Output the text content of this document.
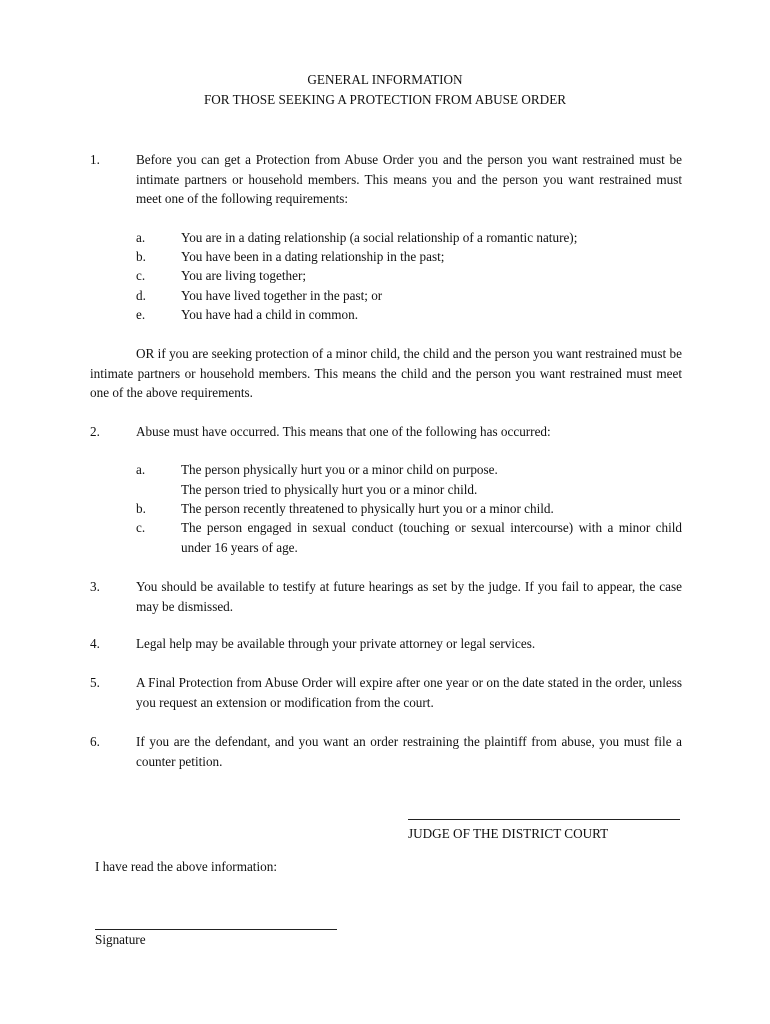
GENERAL INFORMATION
FOR THOSE SEEKING A PROTECTION FROM ABUSE ORDER
1.	Before you can get a Protection from Abuse Order you and the person you want restrained must be intimate partners or household members. This means you and the person you want restrained must meet one of the following requirements:
a.	You are in a dating relationship (a social relationship of a romantic nature);
b.	You have been in a dating relationship in the past;
c.	You are living together;
d.	You have lived together in the past; or
e.	You have had a child in common.
OR if you are seeking protection of a minor child, the child and the person you want restrained must be intimate partners or household members. This means the child and the person you want restrained must meet one of the above requirements.
2.	Abuse must have occurred. This means that one of the following has occurred:
a.	The person physically hurt you or a minor child on purpose.
The person tried to physically hurt you or a minor child.
b.	The person recently threatened to physically hurt you or a minor child.
c.	The person engaged in sexual conduct (touching or sexual intercourse) with a minor child under 16 years of age.
3.	You should be available to testify at future hearings as set by the judge. If you fail to appear, the case may be dismissed.
4.	Legal help may be available through your private attorney or legal services.
5.	A Final Protection from Abuse Order will expire after one year or on the date stated in the order, unless you request an extension or modification from the court.
6.	If you are the defendant, and you want an order restraining the plaintiff from abuse, you must file a counter petition.
JUDGE OF THE DISTRICT COURT
I have read the above information:
Signature
